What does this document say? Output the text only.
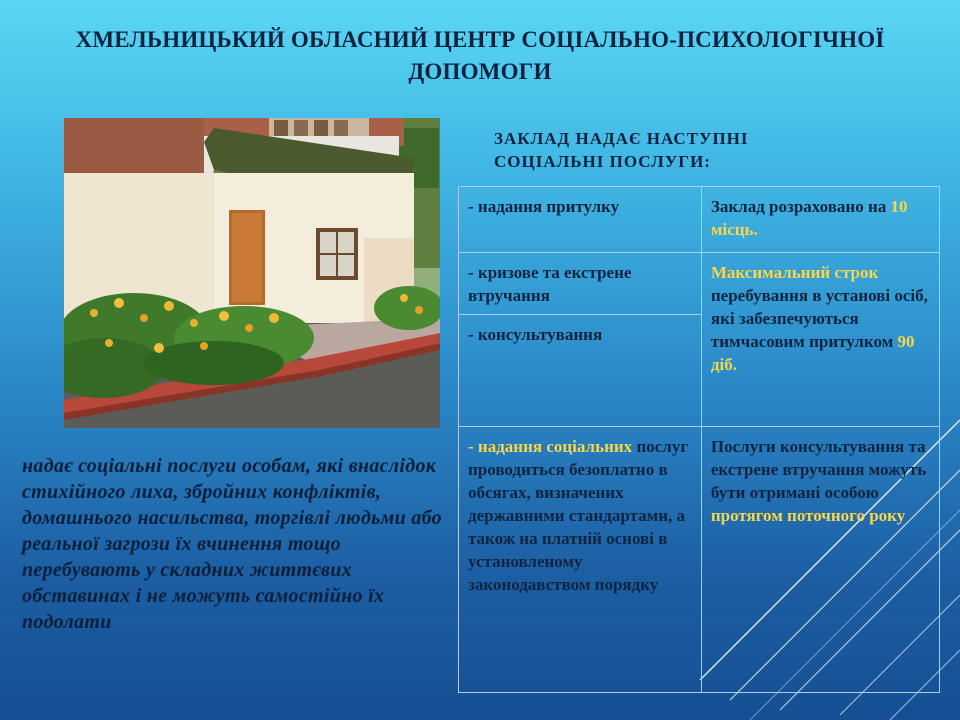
ХМЕЛЬНИЦЬКИЙ ОБЛАСНИЙ ЦЕНТР СОЦІАЛЬНО-ПСИХОЛОГІЧНОЇ
ДОПОМОГИ
ЗАКЛАД НАДАЄ НАСТУПНІ
СОЦІАЛЬНІ ПОСЛУГИ:
- надання притулку	Заклад розраховано на 10 місць.
- кризове та екстрене втручання	Максимальний строк перебування в установі осіб, які забезпечуються тимчасовим притулком 90 діб.
- консультування	
- надання соціальних послуг проводиться безоплатно в обсягах, визначених державними стандартами, а також на платній основі в установленому законодавством порядку	Послуги консультування та екстрене втручання можуть бути отримані особою протягом поточного року
надає соціальні послуги особам, які внаслідок стихійного лиха, збройних конфліктів, домашнього насильства, торгівлі людьми або реальної загрози їх вчинення тощо перебувають у складних життєвих обставинах і не можуть самостійно їх подолати
